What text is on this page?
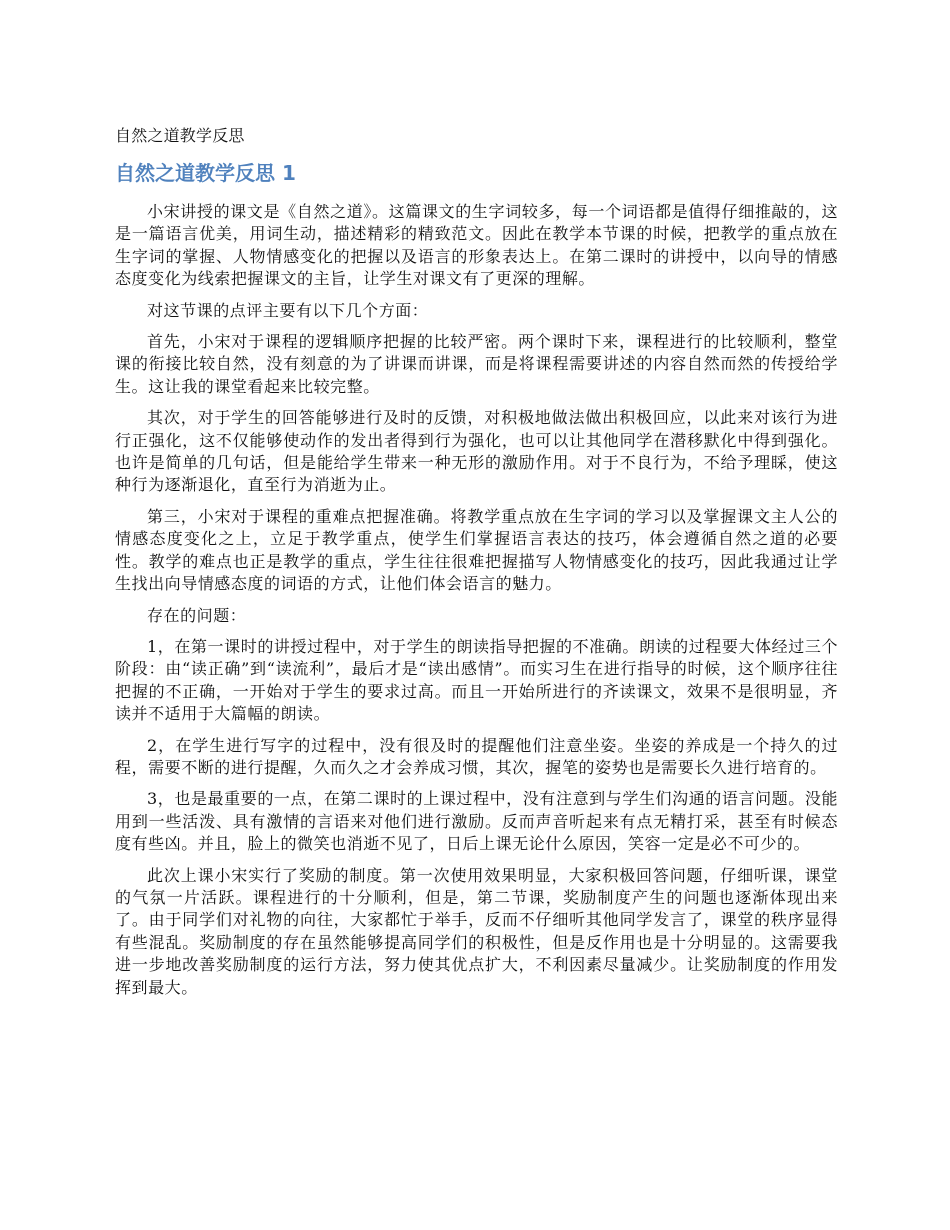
自然之道教学反思
自然之道教学反思 1

小宋讲授的课文是《自然之道》。这篇课文的生字词较多，每一个词语都是值得仔细推敲的，这是一篇语言优美，用词生动，描述精彩的精致范文。因此在教学本节课的时候，把教学的重点放在生字词的掌握、人物情感变化的把握以及语言的形象表达上。在第二课时的讲授中，以向导的情感态度变化为线索把握课文的主旨，让学生对课文有了更深的理解。

对这节课的点评主要有以下几个方面：

首先，小宋对于课程的逻辑顺序把握的比较严密。两个课时下来，课程进行的比较顺利，整堂课的衔接比较自然，没有刻意的为了讲课而讲课，而是将课程需要讲述的内容自然而然的传授给学生。这让我的课堂看起来比较完整。

其次，对于学生的回答能够进行及时的反馈，对积极地做法做出积极回应，以此来对该行为进行正强化，这不仅能够使动作的发出者得到行为强化，也可以让其他同学在潜移默化中得到强化。也许是简单的几句话，但是能给学生带来一种无形的激励作用。对于不良行为，不给予理睬，使这种行为逐渐退化，直至行为消逝为止。

第三，小宋对于课程的重难点把握准确。将教学重点放在生字词的学习以及掌握课文主人公的情感态度变化之上，立足于教学重点，使学生们掌握语言表达的技巧，体会遵循自然之道的必要性。教学的难点也正是教学的重点，学生往往很难把握描写人物情感变化的技巧，因此我通过让学生找出向导情感态度的词语的方式，让他们体会语言的魅力。

存在的问题：

1，在第一课时的讲授过程中，对于学生的朗读指导把握的不准确。朗读的过程要大体经过三个阶段：由“读正确”到“读流利”，最后才是“读出感情”。而实习生在进行指导的时候，这个顺序往往把握的不正确，一开始对于学生的要求过高。而且一开始所进行的齐读课文，效果不是很明显，齐读并不适用于大篇幅的朗读。

2，在学生进行写字的过程中，没有很及时的提醒他们注意坐姿。坐姿的养成是一个持久的过程，需要不断的进行提醒，久而久之才会养成习惯，其次，握笔的姿势也是需要长久进行培育的。

3，也是最重要的一点，在第二课时的上课过程中，没有注意到与学生们沟通的语言问题。没能用到一些活泼、具有激情的言语来对他们进行激励。反而声音听起来有点无精打采，甚至有时候态度有些凶。并且，脸上的微笑也消逝不见了，日后上课无论什么原因，笑容一定是必不可少的。

此次上课小宋实行了奖励的制度。第一次使用效果明显，大家积极回答问题，仔细听课，课堂的气氛一片活跃。课程进行的十分顺利，但是，第二节课，奖励制度产生的问题也逐渐体现出来了。由于同学们对礼物的向往，大家都忙于举手，反而不仔细听其他同学发言了，课堂的秩序显得有些混乱。奖励制度的存在虽然能够提高同学们的积极性，但是反作用也是十分明显的。这需要我进一步地改善奖励制度的运行方法，努力使其优点扩大，不利因素尽量减少。让奖励制度的作用发挥到最大。
